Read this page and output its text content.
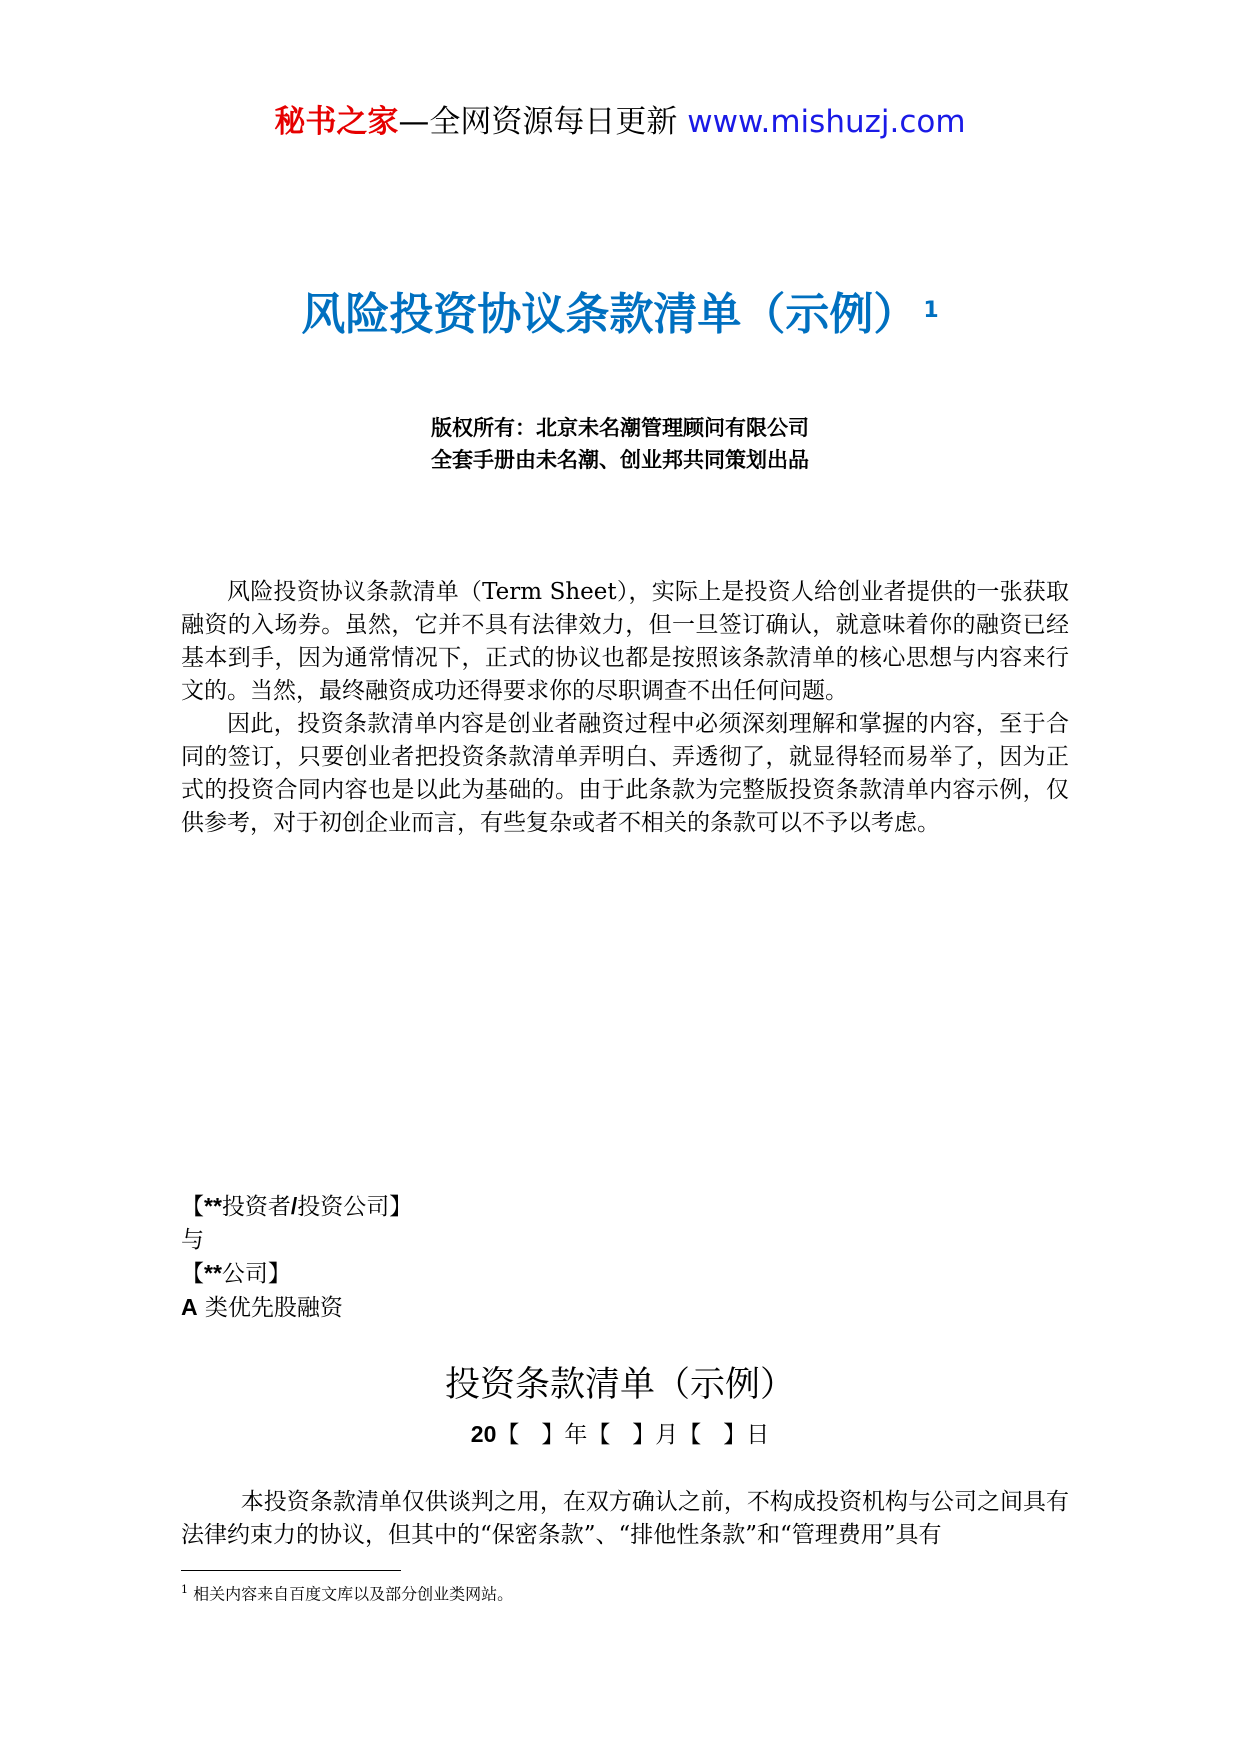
秘书之家—全网资源每日更新 www.mishuzj.com
风险投资协议条款清单（示例） $^1$
版权所有：北京未名潮管理顾问有限公司
全套手册由未名潮、创业邦共同策划出品

风险投资协议条款清单（Term Sheet），实际上是投资人给创业者提供的一张获取融资的入场券。虽然，它并不具有法律效力，但一旦签订确认，就意味着你的融资已经基本到手，因为通常情况下，正式的协议也都是按照该条款清单的核心思想与内容来行文的。当然，最终融资成功还得要求你的尽职调查不出任何问题。

因此，投资条款清单内容是创业者融资过程中必须深刻理解和掌握的内容，至于合同的签订，只要创业者把投资条款清单弄明白、弄透彻了，就显得轻而易举了，因为正式的投资合同内容也是以此为基础的。由于此条款为完整版投资条款清单内容示例，仅供参考，对于初创企业而言，有些复杂或者不相关的条款可以不予以考虑。

【**投资者/投资公司】
与
【**公司】
A 类优先股融资
投资条款清单（示例）
20【   】年【   】月【   】日

本投资条款清单仅供谈判之用，在双方确认之前，不构成投资机构与公司之间具有法律约束力的协议，但其中的“保密条款”、“排他性条款”和“管理费用”具有

$^1$ 相关内容来自百度文库以及部分创业类网站。
